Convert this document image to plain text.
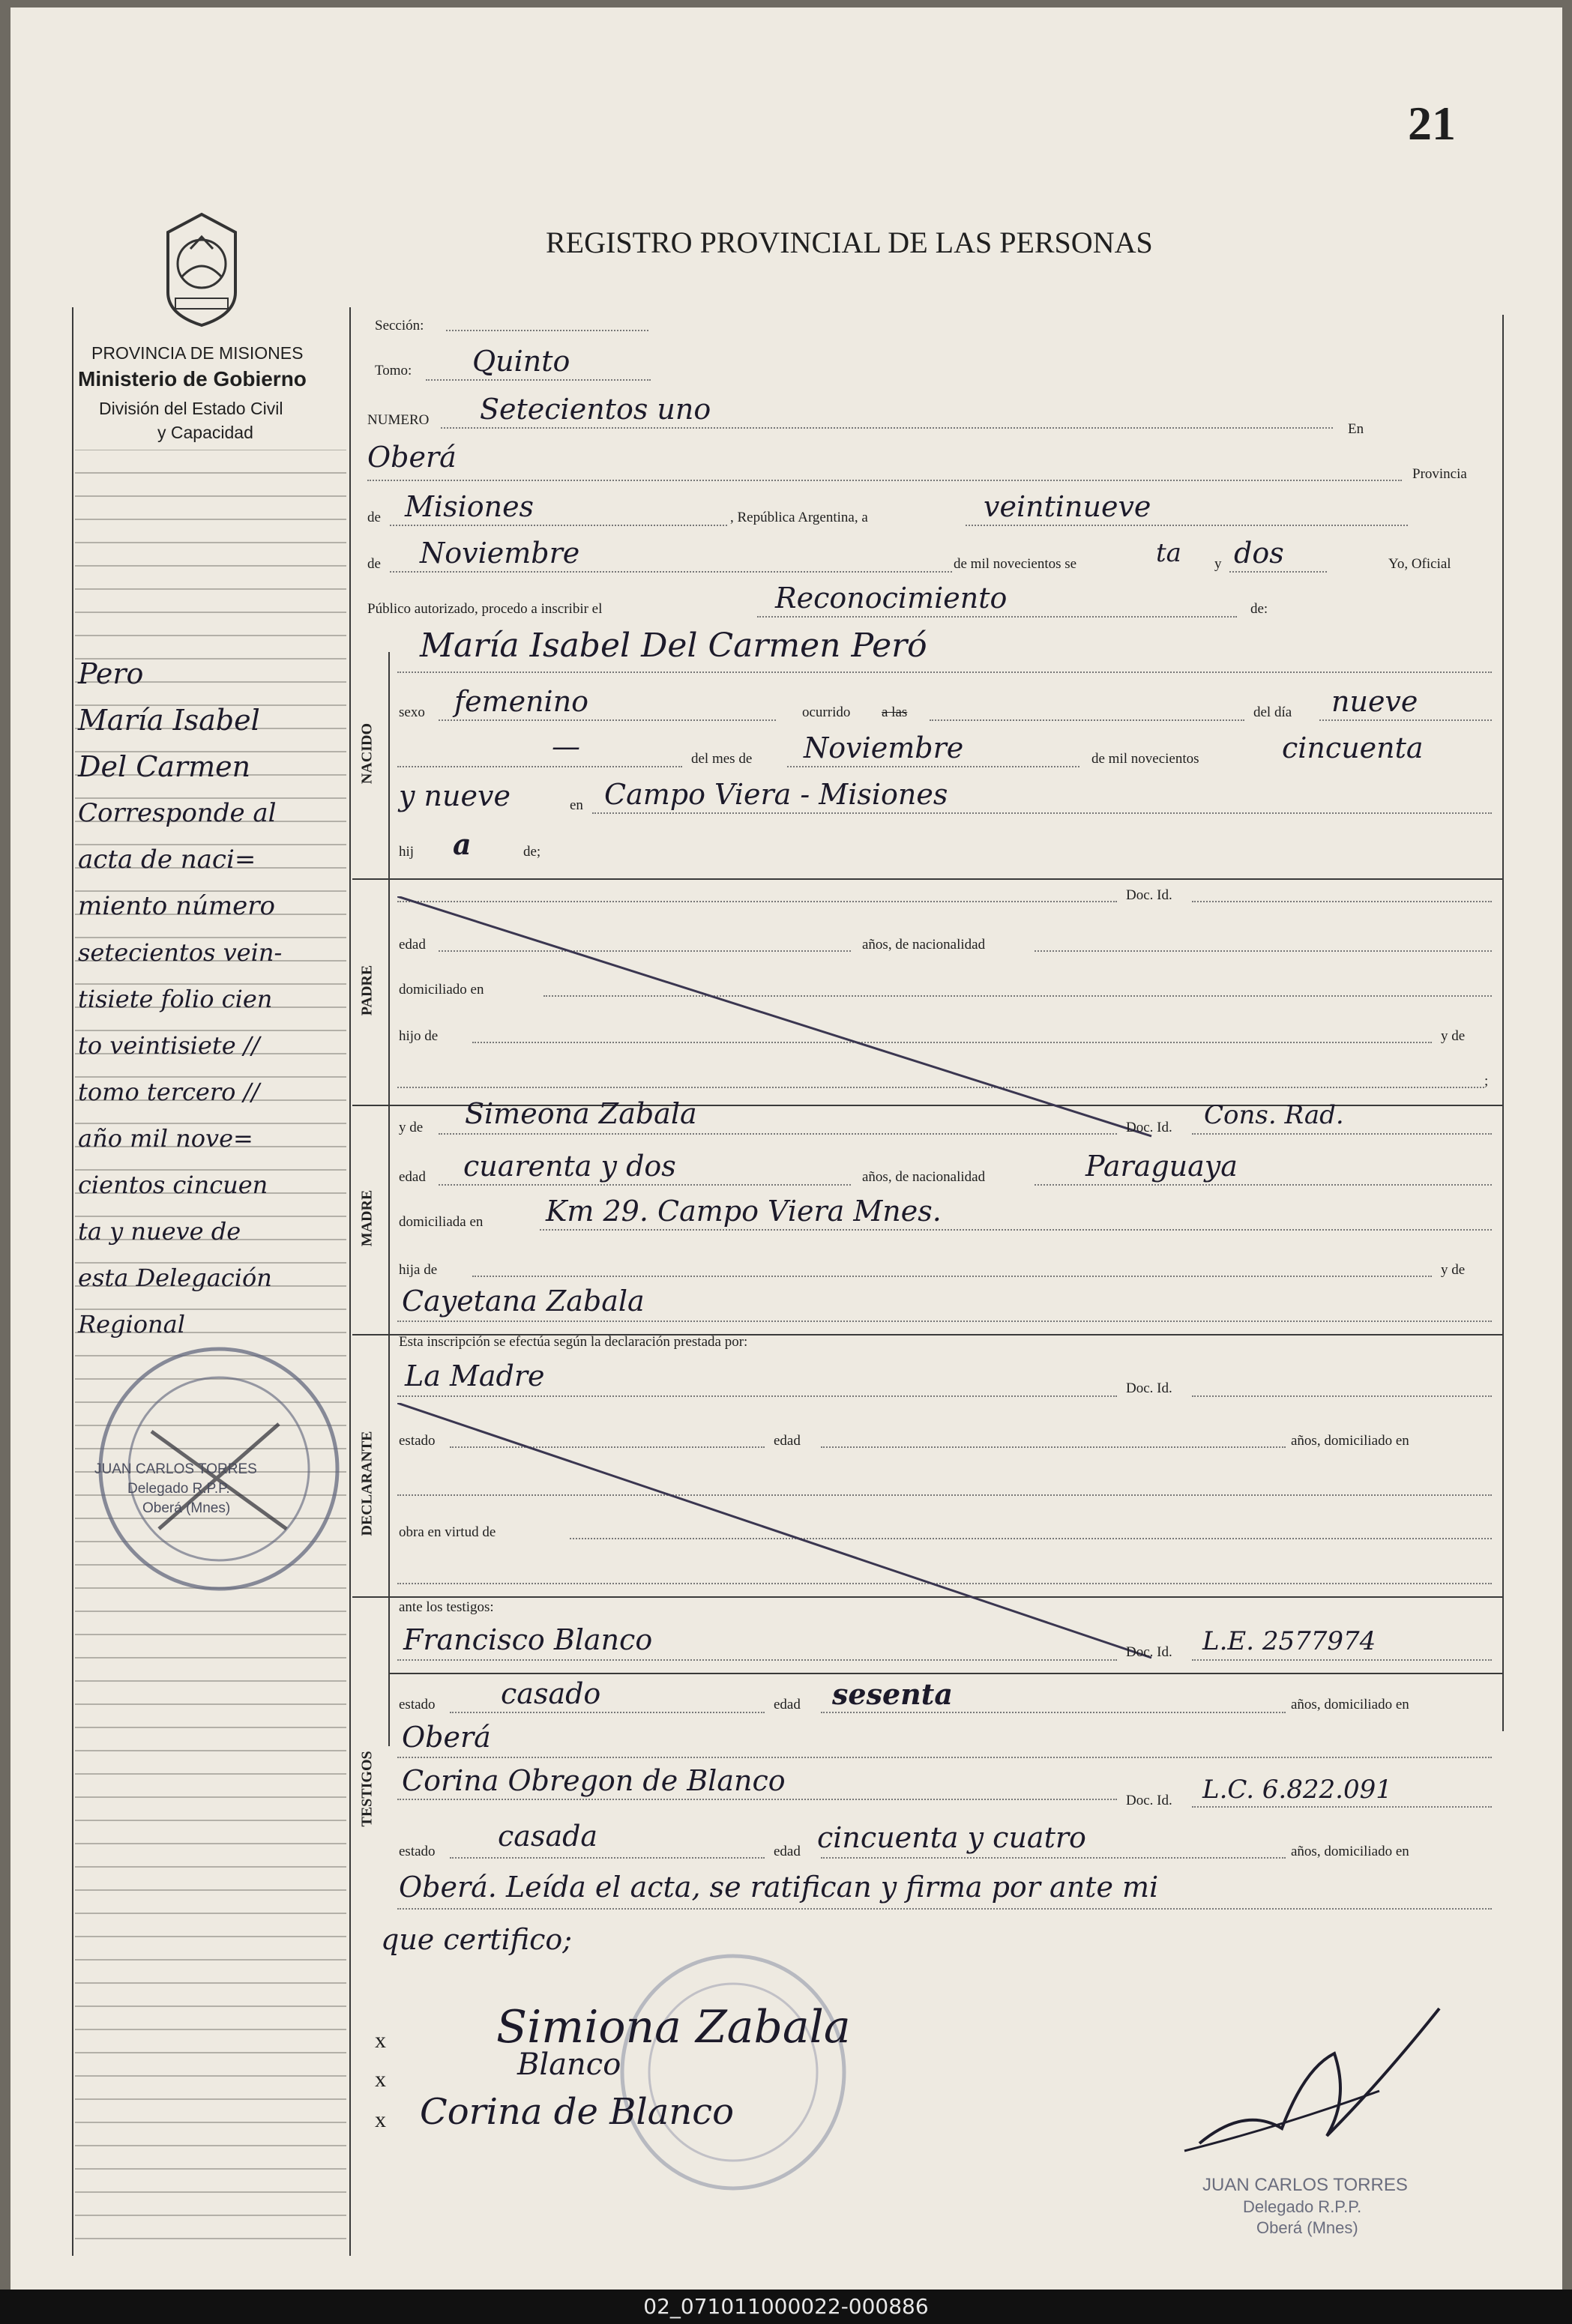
21
REGISTRO PROVINCIAL DE LAS PERSONAS
PROVINCIA DE MISIONES
Ministerio de Gobierno
División del Estado Civil
y Capacidad
Pero
María Isabel
Del Carmen
Corresponde al
acta de naci=
miento número
setecientos vein-
tisiete folio cien
to veintisiete //
tomo tercero //
año mil nove=
cientos cincuen
ta y nueve de
esta Delegación
Regional
JUAN CARLOS TORRES
Delegado R.P.P.
Oberá (Mnes)
Sección:
Tomo: Quinto
NUMERO Setecientos uno
En
Oberá
Provincia
de Misiones	, República Argentina, a	veintinueve
de Noviembre	de mil novecientos se	ta y dos	Yo, Oficial
Público autorizado, procedo a inscribir el	Reconocimiento	de:
María Isabel Del Carmen Peró
NACIDO
sexo femenino	ocurrido a las	del día nueve
—	del mes de Noviembre	de mil novecientos	cincuenta
y nueve	en Campo Viera - Misiones
hij a	de;
PADRE
Doc. Id.
edad	años, de nacionalidad
domiciliado en
hijo de	y de
;
MADRE
y de Simeona Zabala	Doc. Id. Cons. Rad.
edad cuarenta y dos	años, de nacionalidad	Paraguaya
domiciliada en Km 29. Campo Viera Mnes.
hija de	y de
Cayetana Zabala
Esta inscripción se efectúa según la declaración prestada por:
La Madre	Doc. Id.
DECLARANTE estado	edad	años, domiciliado en
obra en virtud de
ante los testigos:
Francisco Blanco	Doc. Id. L.E. 2577974
TESTIGOS
estado casado	edad sesenta	años, domiciliado en
Oberá
Corina Obregon de Blanco
Doc. Id. L.C. 6.822.091
estado casada	edad cincuenta y cuatro	años, domiciliado en
Oberá. Leída el acta, se ratifican y firma por ante mi
que certifico;
x Simiona Zabala
x	Blanco
x Corina de Blanco
JUAN CARLOS TORRES
Delegado R.P.P.
Oberá (Mnes)
02_071011000022-000886
